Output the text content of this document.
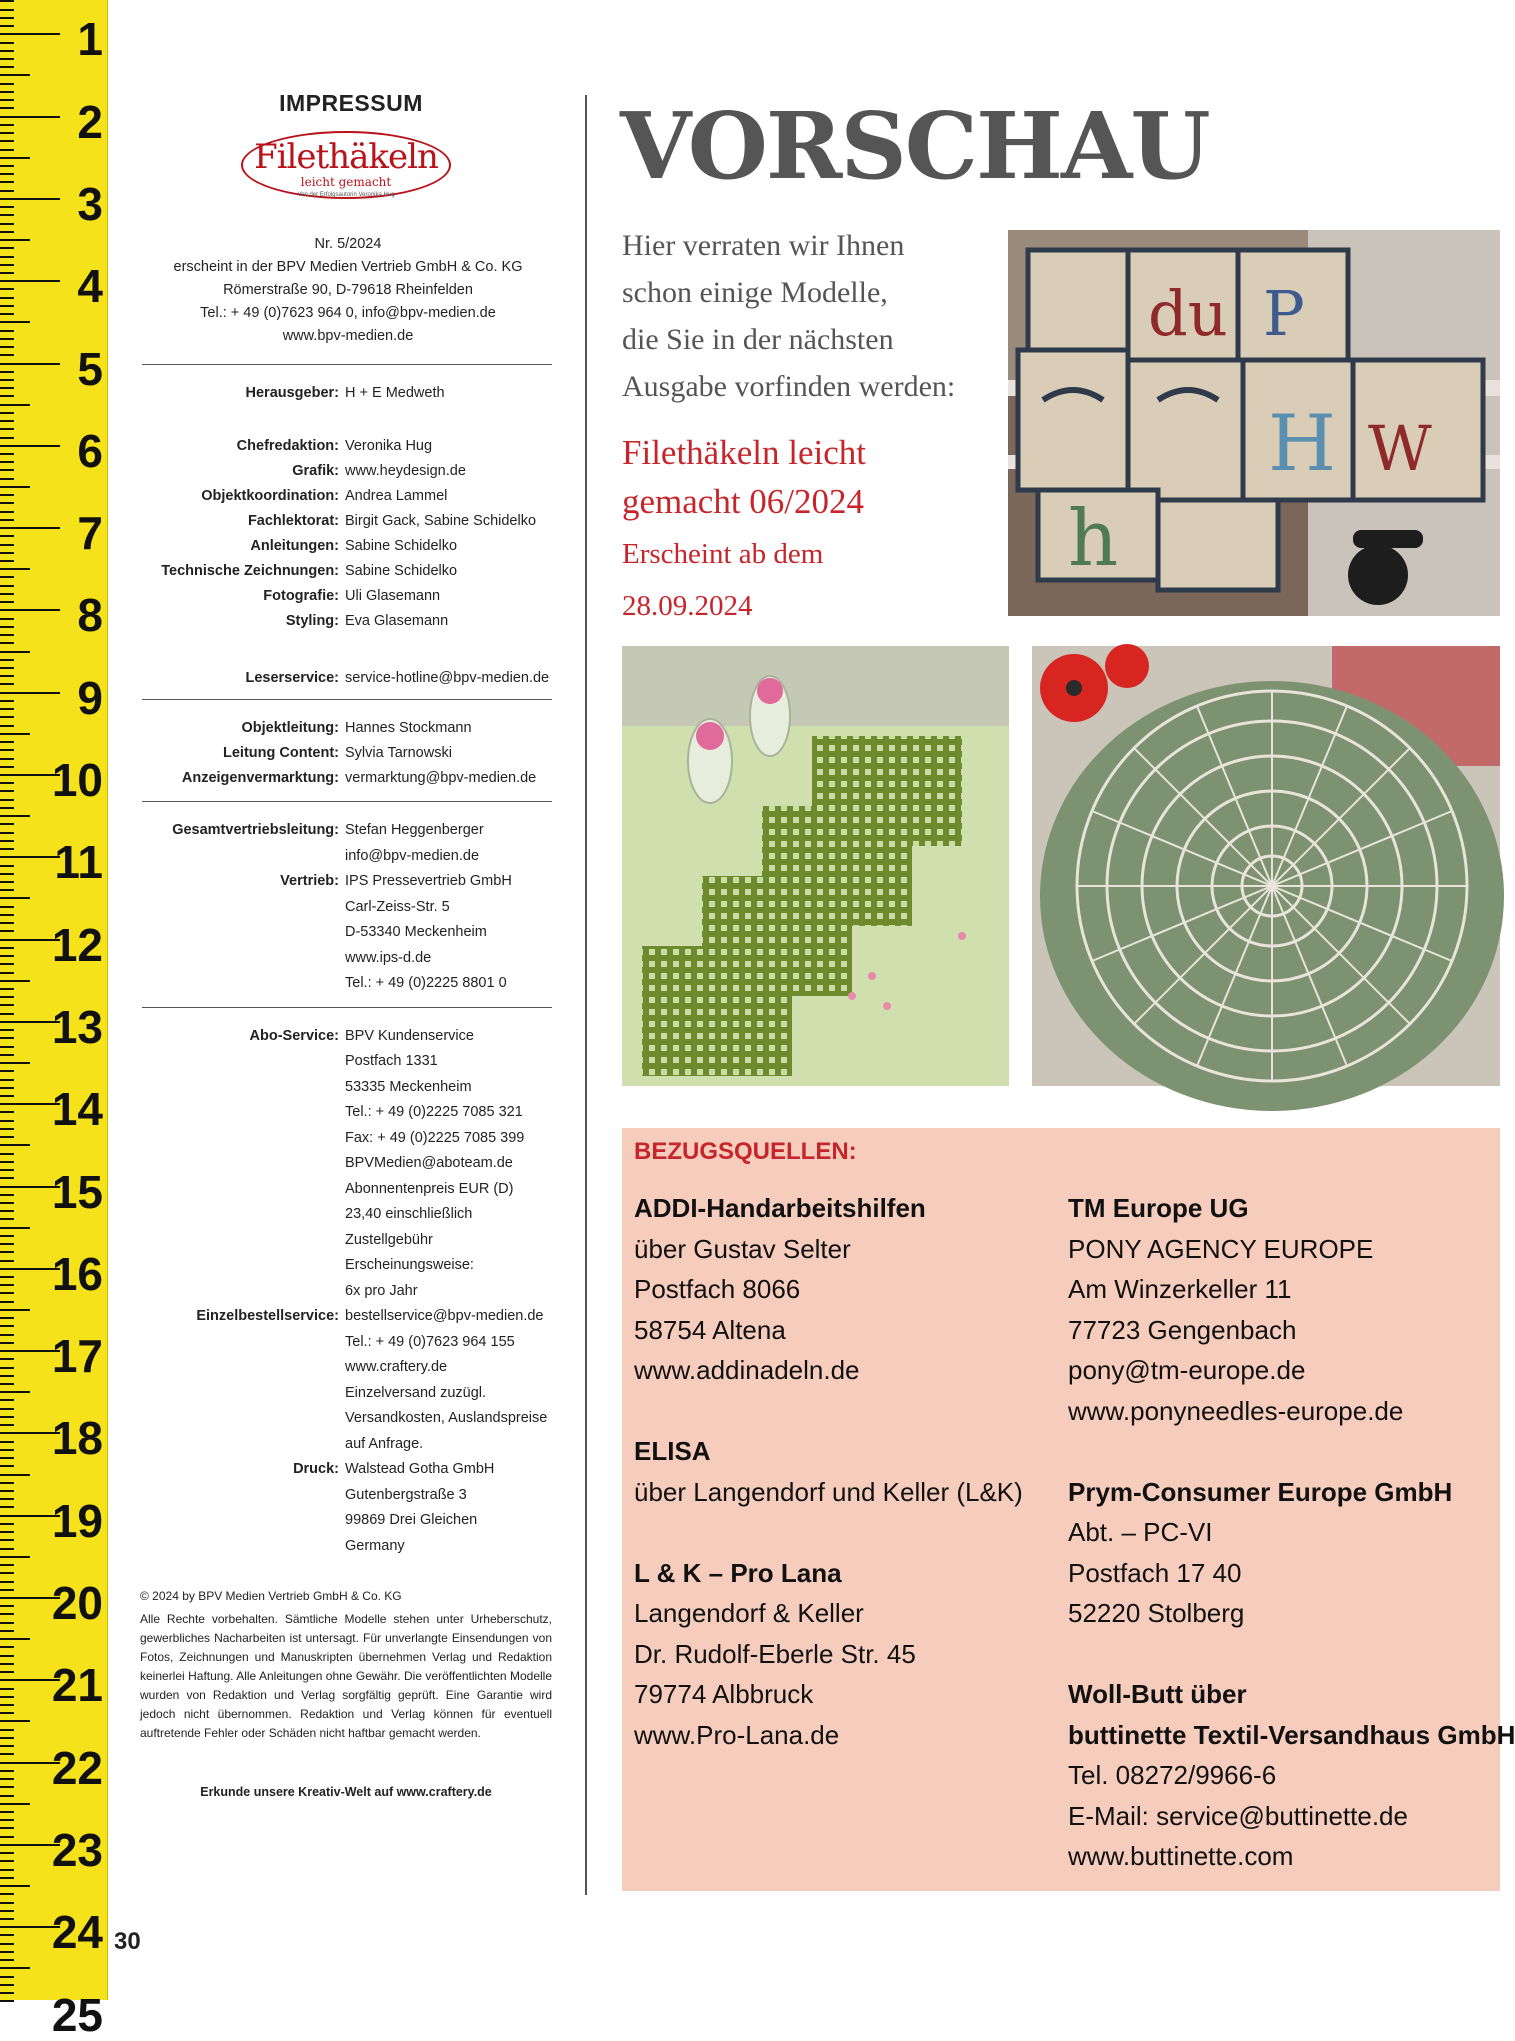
1
2
3
4
5
6
7
8
9
10
11
12
13
14
15
16
17
18
19
20
21
22
23
24
25
IMPRESSUM
Filethäkeln
leicht gemacht
Von der Erfolgsautorin Veronika Hug
Nr. 5/2024
erscheint in der BPV Medien Vertrieb GmbH & Co. KG
Römerstraße 90, D-79618 Rheinfelden
Tel.: + 49 (0)7623 964 0, info@bpv-medien.de
www.bpv-medien.de
Herausgeber: H + E Medweth
Chefredaktion: Veronika Hug
Grafik: www.heydesign.de
Objektkoordination: Andrea Lammel
Fachlektorat: Birgit Gack, Sabine Schidelko
Anleitungen: Sabine Schidelko
Technische Zeichnungen: Sabine Schidelko
Fotografie: Uli Glasemann
Styling: Eva Glasemann
Leserservice: service-hotline@bpv-medien.de
Objektleitung: Hannes Stockmann
Leitung Content: Sylvia Tarnowski
Anzeigenvermarktung: vermarktung@bpv-medien.de
Gesamtvertriebsleitung: Stefan Heggenberger
info@bpv-medien.de
Vertrieb: IPS Pressevertrieb GmbH
Carl-Zeiss-Str. 5
D-53340 Meckenheim
www.ips-d.de
Tel.: + 49 (0)2225 8801 0
Abo-Service: BPV Kundenservice
Postfach 1331
53335 Meckenheim
Tel.: + 49 (0)2225 7085 321
Fax: + 49 (0)2225 7085 399
BPVMedien@aboteam.de
Abonnentenpreis EUR (D)
23,40 einschließlich
Zustellgebühr
Erscheinungsweise:
6x pro Jahr
Einzelbestellservice: bestellservice@bpv-medien.de
Tel.: + 49 (0)7623 964 155
www.craftery.de
Einzelversand zuzügl.
Versandkosten, Auslandspreise
auf Anfrage.
Druck: Walstead Gotha GmbH
Gutenbergstraße 3
99869 Drei Gleichen
Germany
© 2024 by BPV Medien Vertrieb GmbH & Co. KG
Alle Rechte vorbehalten. Sämtliche Modelle stehen unter Urheberschutz, gewerbliches Nacharbeiten ist untersagt. Für unverlangte Einsendungen von Fotos, Zeichnungen und Manuskripten übernehmen Verlag und Redaktion keinerlei Haftung. Alle Anleitungen ohne Gewähr. Die veröffentlichten Modelle wurden von Redaktion und Verlag sorgfältig geprüft. Eine Garantie wird jedoch nicht übernommen. Redaktion und Verlag können für eventuell auftretende Fehler oder Schäden nicht haftbar gemacht werden.
Erkunde unsere Kreativ-Welt auf www.craftery.de
30
VORSCHAU
Hier verraten wir Ihnen
schon einige Modelle,
die Sie in der nächsten
Ausgabe vorfinden werden:
Filethäkeln leicht
gemacht 06/2024
Erscheint ab dem
28.09.2024
du P
H W
h
BEZUGSQUELLEN:
ADDI-Handarbeitshilfen
über Gustav Selter
Postfach 8066
58754 Altena
www.addinadeln.de
ELISA
über Langendorf und Keller (L&K)
L & K – Pro Lana
Langendorf & Keller
Dr. Rudolf-Eberle Str. 45
79774 Albbruck
www.Pro-Lana.de
TM Europe UG
PONY AGENCY EUROPE
Am Winzerkeller 11
77723 Gengenbach
pony@tm-europe.de
www.ponyneedles-europe.de
Prym-Consumer Europe GmbH
Abt. – PC-VI
Postfach 17 40
52220 Stolberg
Woll-Butt über
buttinette Textil-Versandhaus GmbH
Tel. 08272/9966-6
E-Mail: service@buttinette.de
www.buttinette.com
